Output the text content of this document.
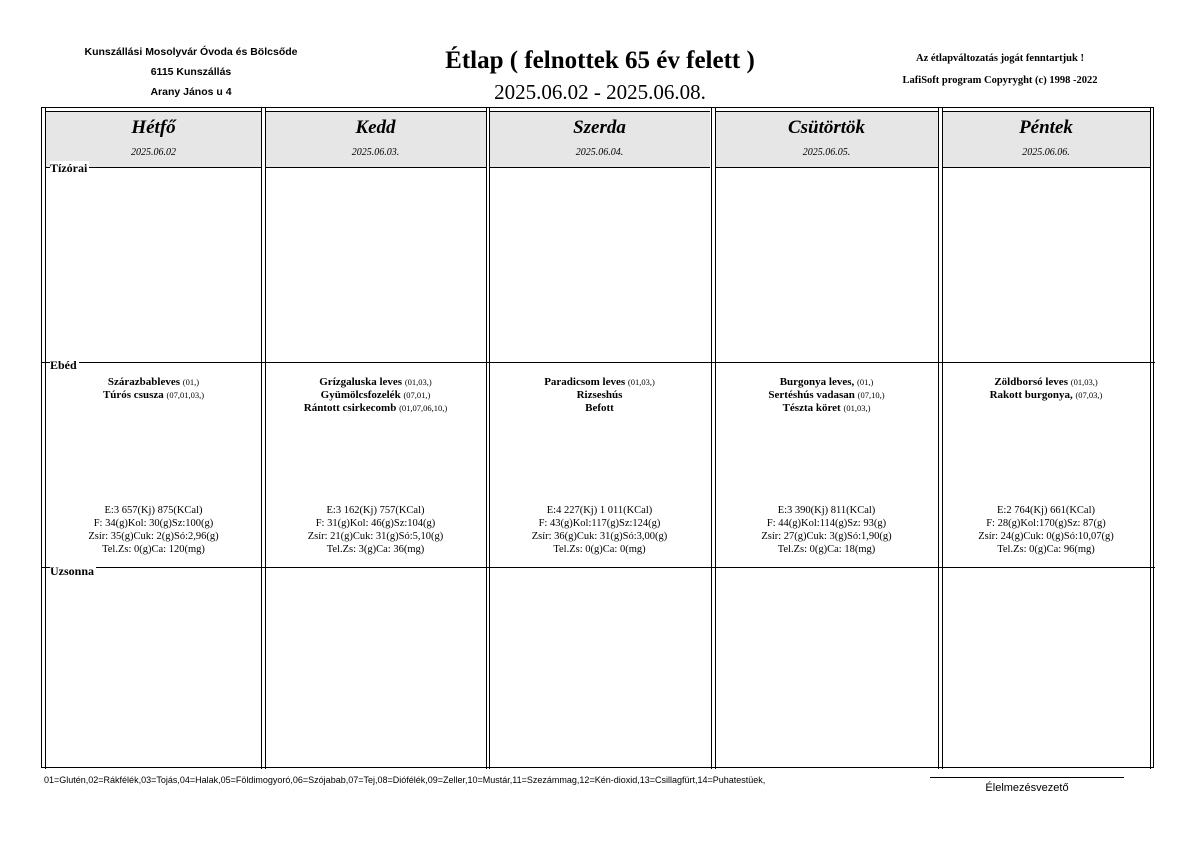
Kunszállási Mosolyvár Óvoda és Bölcsőde
6115 Kunszállás
Arany János u 4
Étlap ( felnottek 65 év felett )
2025.06.02 - 2025.06.08.
Az étlapváltozatás jogát fenntartjuk !
LafiSoft program Copyryght (c) 1998 -2022
Hétfő
2025.06.02
Szárazbableves (01,)
Túrós csusza (07,01,03,)
E:3 657(Kj) 875(KCal)
F: 34(g)Kol: 30(g)Sz:100(g)
Zsír: 35(g)Cuk: 2(g)Só:2,96(g)
Tel.Zs: 0(g)Ca: 120(mg)
Kedd
2025.06.03.
Grízgaluska leves (01,03,)
Gyümölcsfozelék (07,01,)
Rántott csirkecomb (01,07,06,10,)
E:3 162(Kj) 757(KCal)
F: 31(g)Kol: 46(g)Sz:104(g)
Zsír: 21(g)Cuk: 31(g)Só:5,10(g)
Tel.Zs: 3(g)Ca: 36(mg)
Szerda
2025.06.04.
Paradicsom leves (01,03,)
Rizseshús
Befott
E:4 227(Kj) 1 011(KCal)
F: 43(g)Kol:117(g)Sz:124(g)
Zsír: 36(g)Cuk: 31(g)Só:3,00(g)
Tel.Zs: 0(g)Ca: 0(mg)
Csütörtök
2025.06.05.
Burgonya leves, (01,)
Sertéshús vadasan (07,10,)
Tészta köret (01,03,)
E:3 390(Kj) 811(KCal)
F: 44(g)Kol:114(g)Sz: 93(g)
Zsír: 27(g)Cuk: 3(g)Só:1,90(g)
Tel.Zs: 0(g)Ca: 18(mg)
Péntek
2025.06.06.
Zöldborsó leves (01,03,)
Rakott burgonya, (07,03,)
E:2 764(Kj) 661(KCal)
F: 28(g)Kol:170(g)Sz: 87(g)
Zsír: 24(g)Cuk: 0(g)Só:10,07(g)
Tel.Zs: 0(g)Ca: 96(mg)
Tízórai
Ebéd
Uzsonna
01=Glutén,02=Rákfélék,03=Tojás,04=Halak,05=Földimogyoró,06=Szójabab,07=Tej,08=Diófélék,09=Zeller,10=Mustár,11=Szezámmag,12=Kén-dioxid,13=Csillagfürt,14=Puhatestüek,
Élelmezésvezető
